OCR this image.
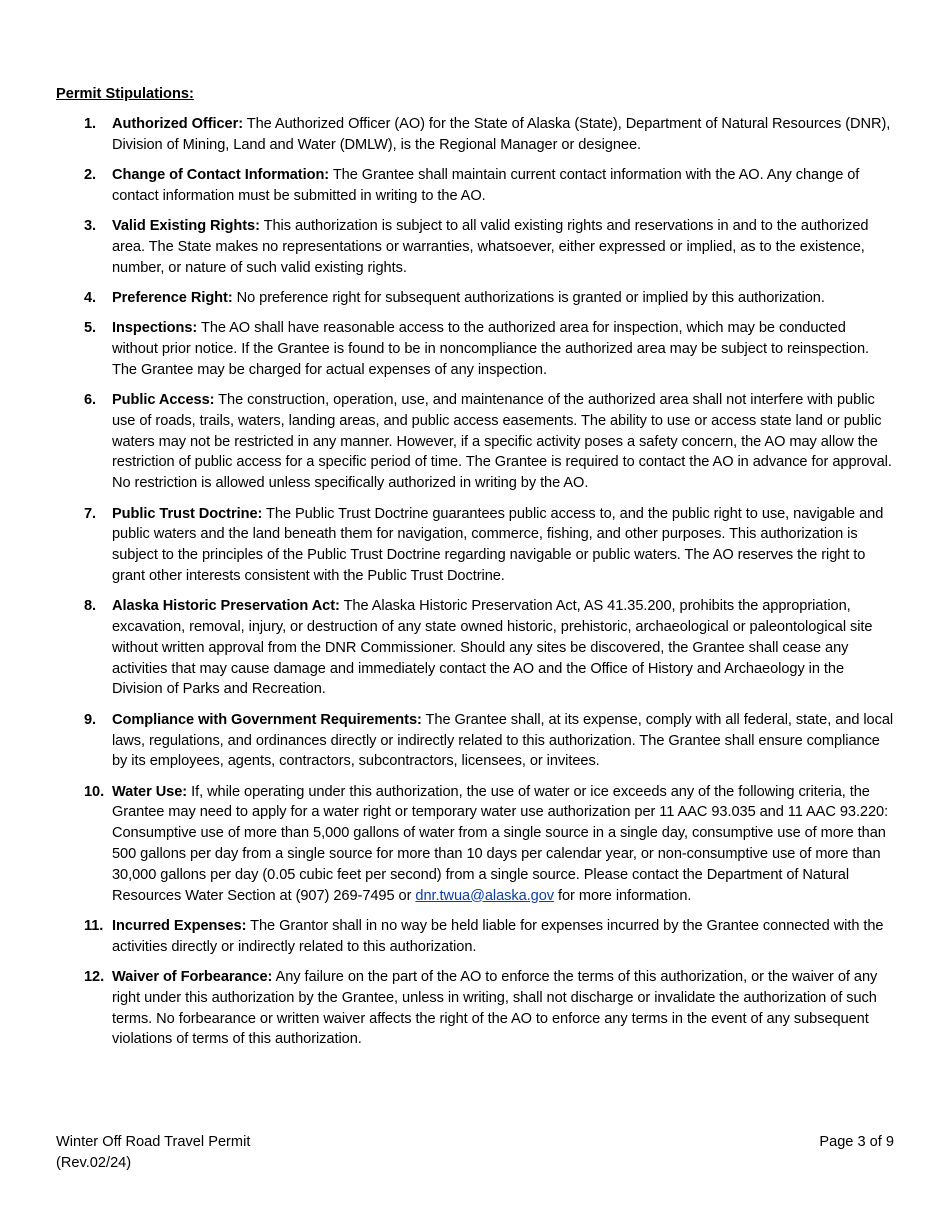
Permit Stipulations:
1. Authorized Officer: The Authorized Officer (AO) for the State of Alaska (State), Department of Natural Resources (DNR), Division of Mining, Land and Water (DMLW), is the Regional Manager or designee.
2. Change of Contact Information: The Grantee shall maintain current contact information with the AO. Any change of contact information must be submitted in writing to the AO.
3. Valid Existing Rights: This authorization is subject to all valid existing rights and reservations in and to the authorized area. The State makes no representations or warranties, whatsoever, either expressed or implied, as to the existence, number, or nature of such valid existing rights.
4. Preference Right: No preference right for subsequent authorizations is granted or implied by this authorization.
5. Inspections: The AO shall have reasonable access to the authorized area for inspection, which may be conducted without prior notice. If the Grantee is found to be in noncompliance the authorized area may be subject to reinspection. The Grantee may be charged for actual expenses of any inspection.
6. Public Access: The construction, operation, use, and maintenance of the authorized area shall not interfere with public use of roads, trails, waters, landing areas, and public access easements. The ability to use or access state land or public waters may not be restricted in any manner. However, if a specific activity poses a safety concern, the AO may allow the restriction of public access for a specific period of time. The Grantee is required to contact the AO in advance for approval. No restriction is allowed unless specifically authorized in writing by the AO.
7. Public Trust Doctrine: The Public Trust Doctrine guarantees public access to, and the public right to use, navigable and public waters and the land beneath them for navigation, commerce, fishing, and other purposes. This authorization is subject to the principles of the Public Trust Doctrine regarding navigable or public waters. The AO reserves the right to grant other interests consistent with the Public Trust Doctrine.
8. Alaska Historic Preservation Act: The Alaska Historic Preservation Act, AS 41.35.200, prohibits the appropriation, excavation, removal, injury, or destruction of any state owned historic, prehistoric, archaeological or paleontological site without written approval from the DNR Commissioner. Should any sites be discovered, the Grantee shall cease any activities that may cause damage and immediately contact the AO and the Office of History and Archaeology in the Division of Parks and Recreation.
9. Compliance with Government Requirements: The Grantee shall, at its expense, comply with all federal, state, and local laws, regulations, and ordinances directly or indirectly related to this authorization. The Grantee shall ensure compliance by its employees, agents, contractors, subcontractors, licensees, or invitees.
10. Water Use: If, while operating under this authorization, the use of water or ice exceeds any of the following criteria, the Grantee may need to apply for a water right or temporary water use authorization per 11 AAC 93.035 and 11 AAC 93.220: Consumptive use of more than 5,000 gallons of water from a single source in a single day, consumptive use of more than 500 gallons per day from a single source for more than 10 days per calendar year, or non-consumptive use of more than 30,000 gallons per day (0.05 cubic feet per second) from a single source. Please contact the Department of Natural Resources Water Section at (907) 269-7495 or dnr.twua@alaska.gov for more information.
11. Incurred Expenses: The Grantor shall in no way be held liable for expenses incurred by the Grantee connected with the activities directly or indirectly related to this authorization.
12. Waiver of Forbearance: Any failure on the part of the AO to enforce the terms of this authorization, or the waiver of any right under this authorization by the Grantee, unless in writing, shall not discharge or invalidate the authorization of such terms. No forbearance or written waiver affects the right of the AO to enforce any terms in the event of any subsequent violations of terms of this authorization.
Winter Off Road Travel Permit
(Rev.02/24)
Page 3 of 9
